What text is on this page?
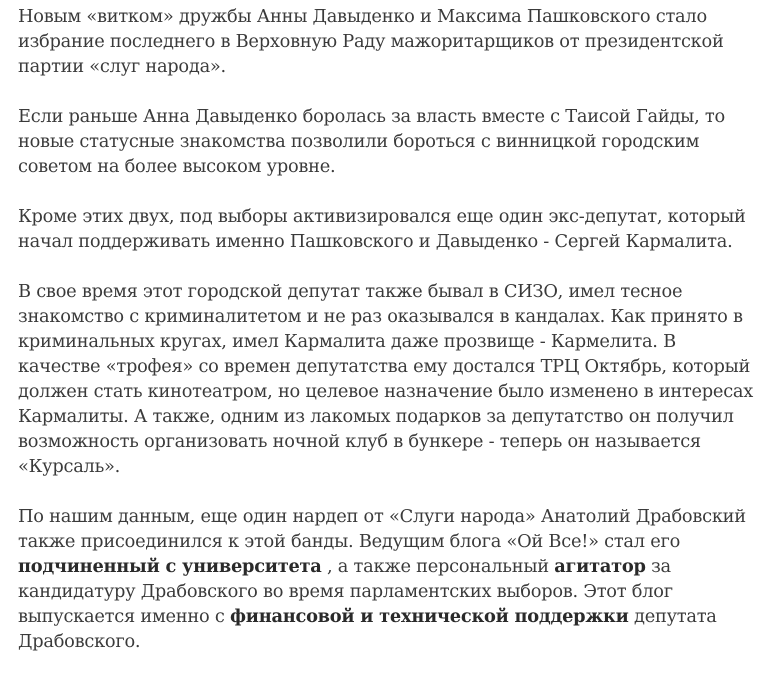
Новым «витком» дружбы Анны Давыденко и Максима Пашковского стало избрание последнего в Верховную Раду мажоритарщиков от президентской партии «слуг народа».

Если раньше Анна Давыденко боролась за власть вместе с Таисой Гайды, то новые статусные знакомства позволили бороться с винницкой городским советом на более высоком уровне.

Кроме этих двух, под выборы активизировался еще один экс-депутат, который начал поддерживать именно Пашковского и Давыденко - Сергей Кармалита.

В свое время этот городской депутат также бывал в СИЗО, имел тесное знакомство с криминалитетом и не раз оказывался в кандалах. Как принято в криминальных кругах, имел Кармалита даже прозвище - Кармелита. В качестве «трофея» со времен депутатства ему достался ТРЦ Октябрь, который должен стать кинотеатром, но целевое назначение было изменено в интересах Кармалиты. А также, одним из лакомых подарков за депутатство он получил возможность организовать ночной клуб в бункере - теперь он называется «Курсаль».

По нашим данным, еще один нардеп от «Слуги народа» Анатолий Драбовский также присоединился к этой банды. Ведущим блога «Ой Все!» стал его подчиненный с университета , а также персональный агитатор за кандидатуру Драбовского во время парламентских выборов. Этот блог выпускается именно с финансовой и технической поддержки депутата Драбовского.
